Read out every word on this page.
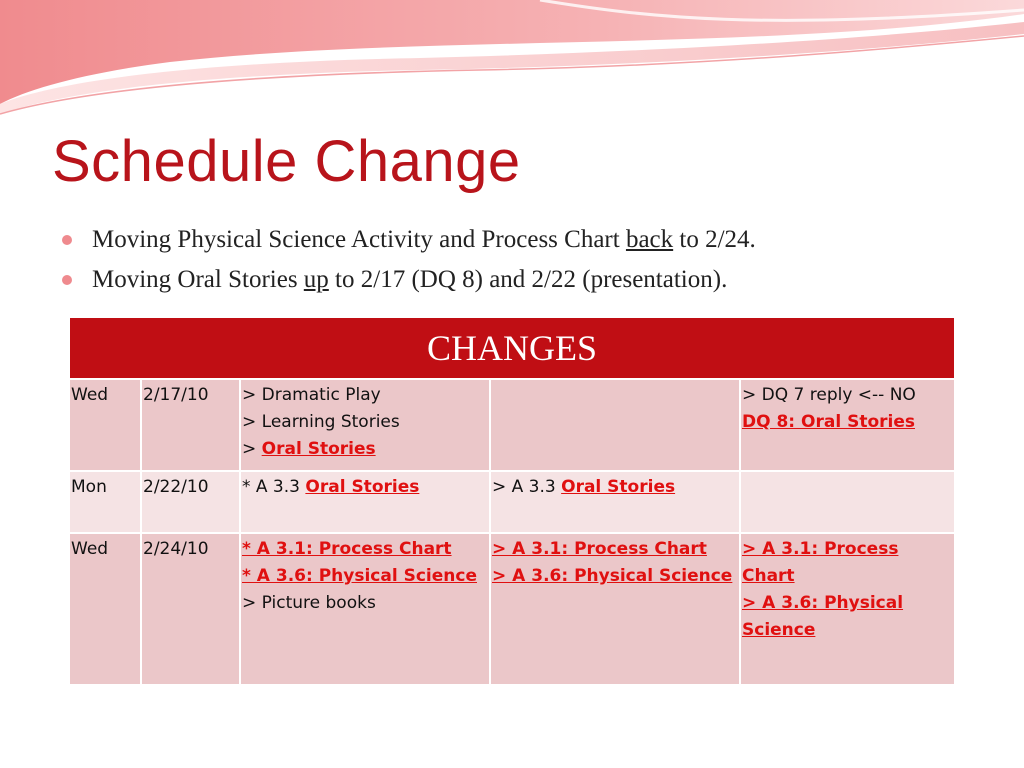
Schedule Change
Moving Physical Science Activity and Process Chart back to 2/24.
Moving Oral Stories up to 2/17 (DQ 8) and 2/22 (presentation).
CHANGES				
Wed	2/17/10	> Dramatic Play
> Learning Stories
> Oral Stories		> DQ 7 reply <-- NO
DQ 8: Oral Stories

Mon	2/22/10	* A 3.3 Oral Stories	> A 3.3 Oral Stories	
Wed	2/24/10	* A 3.1: Process Chart
* A 3.6: Physical Science
> Picture books	> A 3.1: Process Chart
> A 3.6: Physical Science	> A 3.1: Process Chart
> A 3.6: Physical Science
